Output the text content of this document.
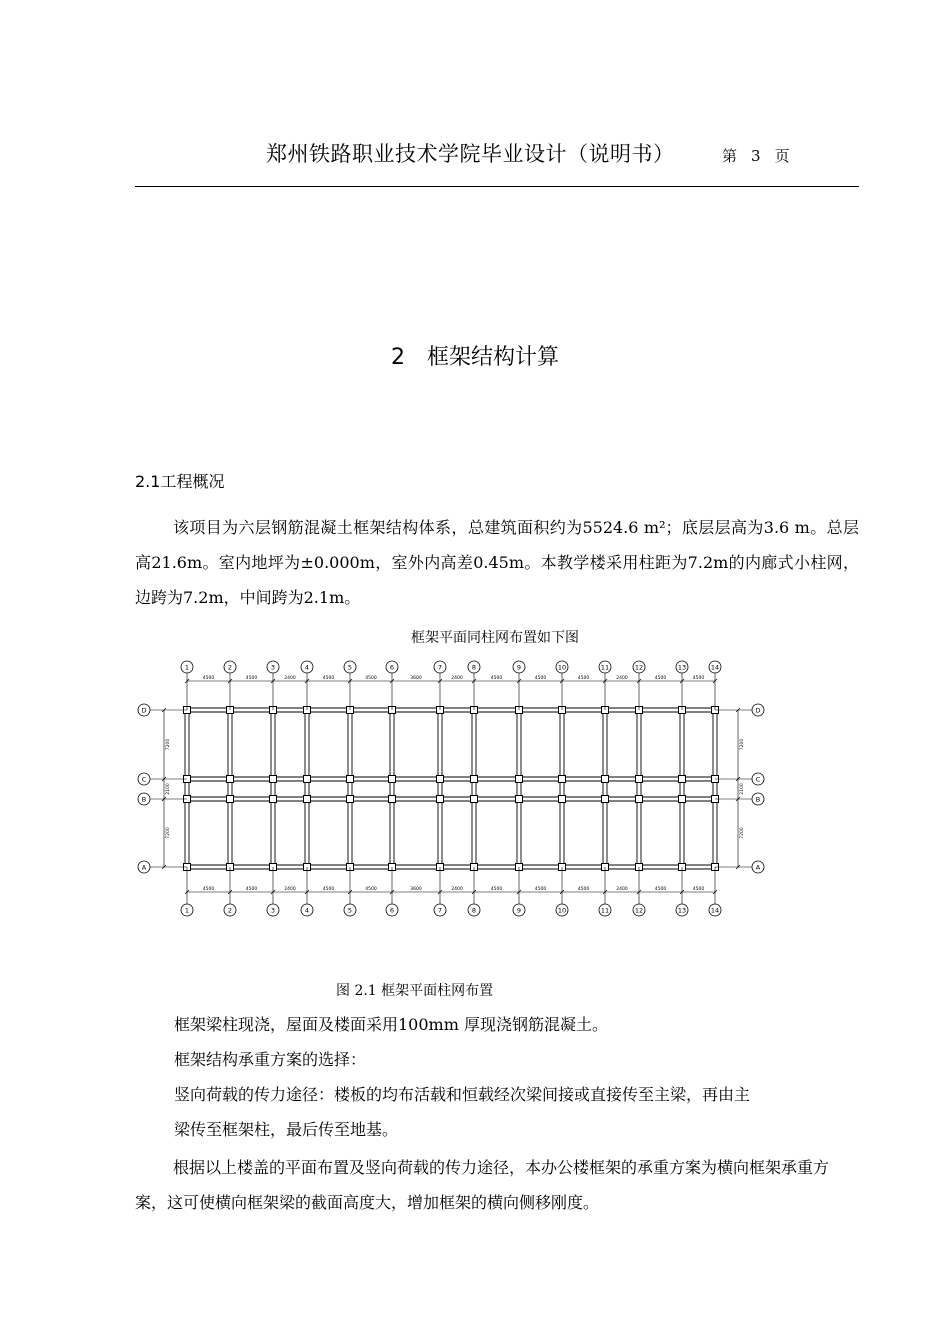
郑州铁路职业技术学院毕业设计（说明书）	第 3 页
2 框架结构计算
2.1工程概况
该项目为六层钢筋混凝土框架结构体系，总建筑面积约为5524.6 m²；底层层高为3.6 m。总层高21.6m。室内地坪为±0.000m，室外内高差0.45m。本教学楼采用柱距为7.2m的内廊式小柱网，边跨为7.2m，中间跨为2.1m。
框架平面同柱网布置如下图
1
1
2
2
3
3
4
4
5
5
6
6
7
7
8
8
9
9
10
10
11
11
12
12
13
13
14
14
4500	4500	2400	4500	4500	3600	2400	4500	4500	4500	2400	4500	4500
4500	4500	2400	4500	4500	3600	2400	4500	4500	4500	2400	4500	4500
D	D
C	C
B	B
A	A
7200
2100
7200
7200
2100
7200
图 2.1 框架平面柱网布置
框架梁柱现浇，屋面及楼面采用100mm 厚现浇钢筋混凝土。
框架结构承重方案的选择：
竖向荷载的传力途径：楼板的均布活载和恒载经次梁间接或直接传至主梁，再由主
梁传至框架柱，最后传至地基。
根据以上楼盖的平面布置及竖向荷载的传力途径，本办公楼框架的承重方案为横向框架承重方案，这可使横向框架梁的截面高度大，增加框架的横向侧移刚度。
